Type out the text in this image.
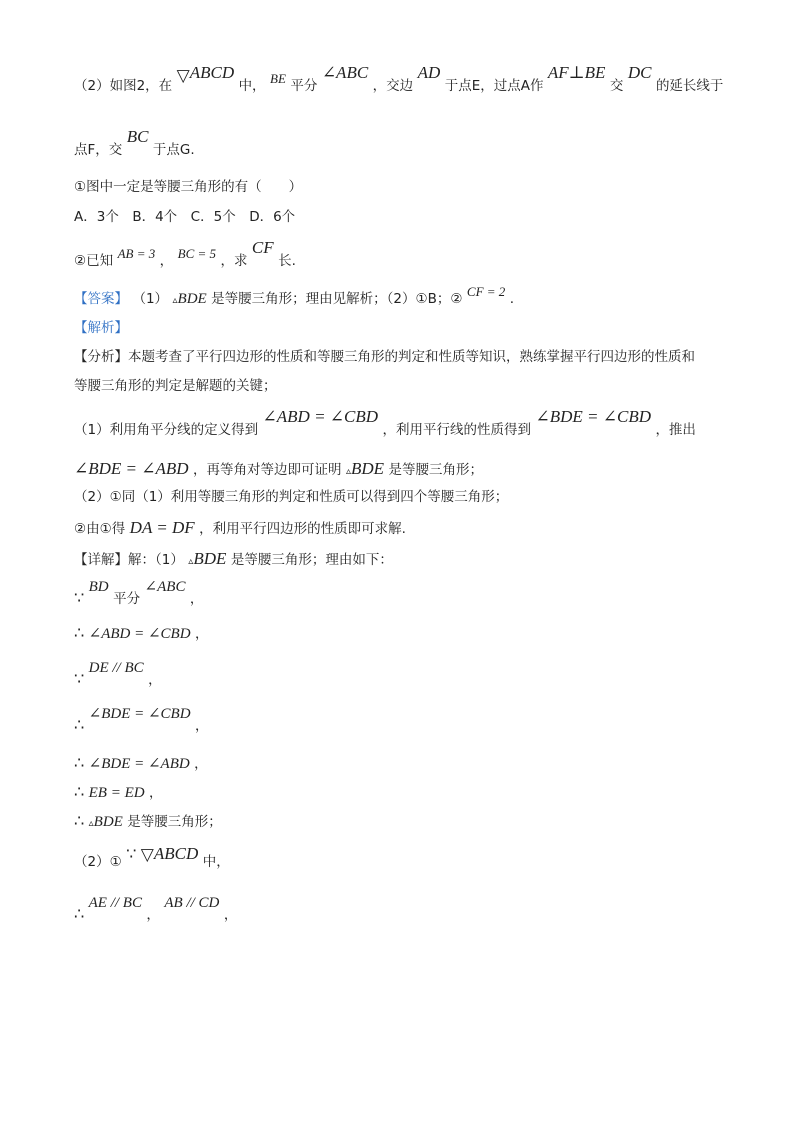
（2）如图2，在 ▽ABCD 中， BE 平分 ∠ABC ，交边 AD 于点E，过点A作 AF⊥BE 交 DC 的延长线于
点F，交 BC 于点G.
①图中一定是等腰三角形的有（　　）
A．3个　B．4个　C．5个　D．6个
②已知 AB = 3 ， BC = 5 ，求 CF 长.
【答案】 （1） ▵BDE 是等腰三角形；理由见解析；（2）①B；② CF = 2 .
【解析】
【分析】本题考查了平行四边形的性质和等腰三角形的判定和性质等知识，熟练掌握平行四边形的性质和
等腰三角形的判定是解题的关键；
（1）利用角平分线的定义得到 ∠ABD = ∠CBD ，利用平行线的性质得到 ∠BDE = ∠CBD ，推出
∠BDE = ∠ABD ，再等角对等边即可证明 ▵BDE 是等腰三角形；
（2）①同（1）利用等腰三角形的判定和性质可以得到四个等腰三角形；
②由①得 DA = DF ，利用平行四边形的性质即可求解.
【详解】解：（1） ▵BDE 是等腰三角形；理由如下：
∵ BD 平分 ∠ABC ，
∴ ∠ABD = ∠CBD ，
∵ DE // BC ，
∴ ∠BDE = ∠CBD ，
∴ ∠BDE = ∠ABD ，
∴ EB = ED ，
∴ ▵BDE 是等腰三角形；
（2）① ∵ ▽ABCD 中，
∴ AE // BC ， AB // CD ，
